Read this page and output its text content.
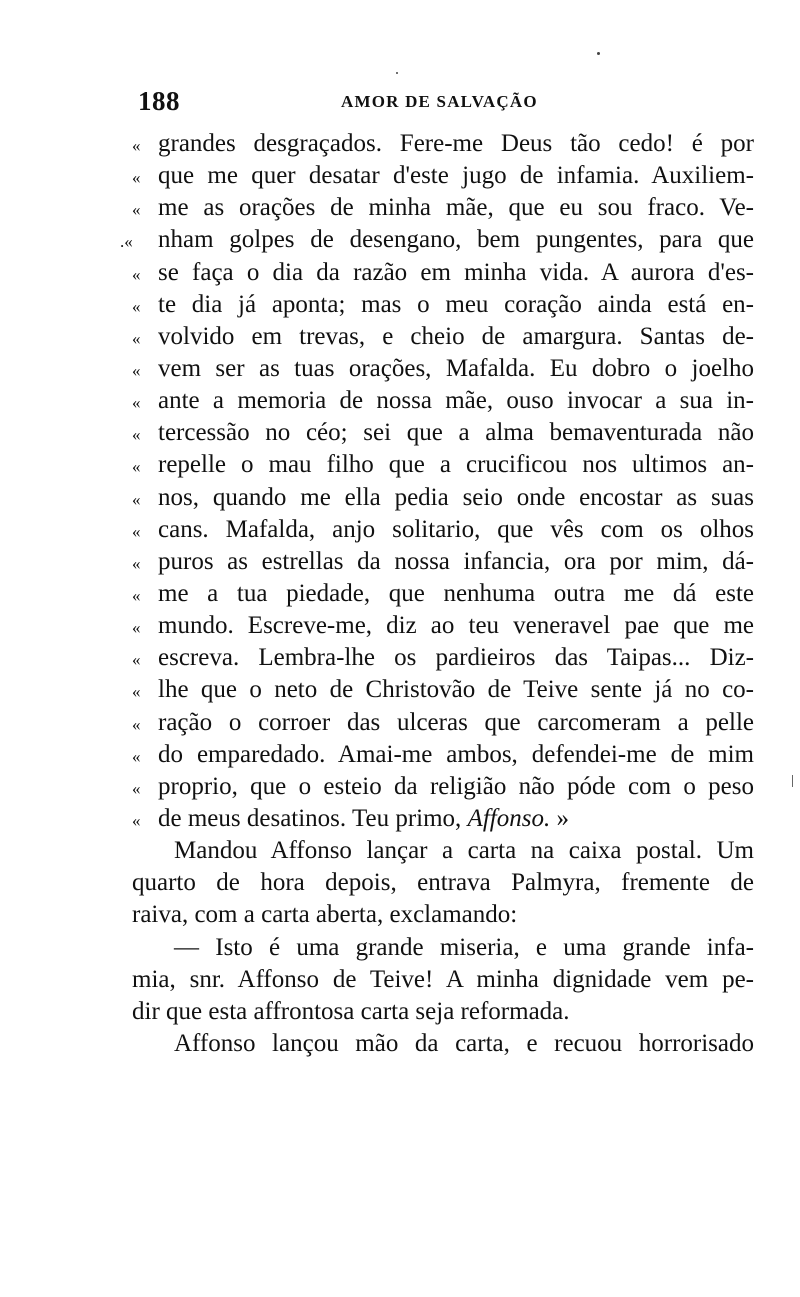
188	AMOR DE SALVAÇÃO
« grandes desgraçados. Fere-me Deus tão cedo! é por
« que me quer desatar d'este jugo de infamia. Auxiliem-
« me as orações de minha mãe, que eu sou fraco. Ve-
.«	nham golpes de desengano, bem pungentes, para que
« se faça o dia da razão em minha vida. A aurora d'es-
« te dia já aponta; mas o meu coração ainda está en-
« volvido em trevas, e cheio de amargura. Santas de-
« vem ser as tuas orações, Mafalda. Eu dobro o joelho
« ante a memoria de nossa mãe, ouso invocar a sua in-
« tercessão no céo; sei que a alma bemaventurada não
« repelle o mau filho que a crucificou nos ultimos an-
« nos, quando me ella pedia seio onde encostar as suas
« cans. Mafalda, anjo solitario, que vês com os olhos
« puros as estrellas da nossa infancia, ora por mim, dá-
« me a tua piedade, que nenhuma outra me dá este
« mundo. Escreve-me, diz ao teu veneravel pae que me
« escreva. Lembra-lhe os pardieiros das Taipas... Diz-
« lhe que o neto de Christovão de Teive sente já no co-
« ração o corroer das ulceras que carcomeram a pelle
« do emparedado. Amai-me ambos, defendei-me de mim
« proprio, que o esteio da religião não póde com o peso
« de meus desatinos. Teu primo, Affonso. »
Mandou Affonso lançar a carta na caixa postal. Um
quarto de hora depois, entrava Palmyra, fremente de
raiva, com a carta aberta, exclamando:
— Isto é uma grande miseria, e uma grande infa-
mia, snr. Affonso de Teive! A minha dignidade vem pe-
dir que esta affrontosa carta seja reformada.
Affonso lançou mão da carta, e recuou horrorisado
